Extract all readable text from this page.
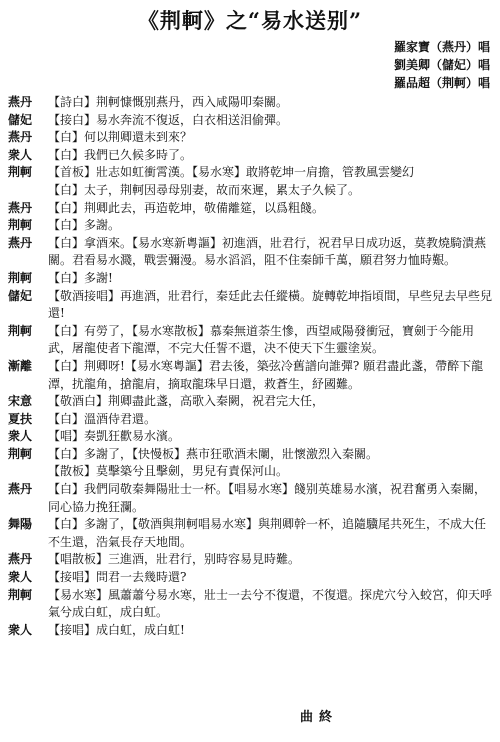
《荆軻》之“易水送别”
羅家寶（燕丹）唱
劉美卿（儲妃）唱
羅品超（荆軻）唱
燕丹	【詩白】荆軻慷慨别燕丹，西入咸陽叩秦關。
儲妃	【接白】易水奔流不復返，白衣相送泪偷彈。
燕丹	【白】何以荆卿還未到來？
衆人	【白】我們已久候多時了。
荆軻	【首板】壯志如虹衝霄漢。【易水寒】敢將乾坤一肩擔，管教風雲變幻
【白】太子，荆軻因尋母别妻，故而來遲，累太子久候了。
燕丹	【白】荆卿此去，再造乾坤，敬備離筵，以爲粗餞。
荆軻	【白】多謝。
燕丹	【白】拿酒來。【易水寒新粵謳】初進酒，壯君行，祝君早日成功返，莫教燒騎潰燕關。君看易水濺，戰雲彌漫。易水滔滔，阻不住秦師千萬，願君努力恤時艱。
荆軻	【白】多謝!
儲妃	【敬酒接唱】再進酒，壯君行，秦廷此去任縱橫。旋轉乾坤指頃間，早些兒去早些兒還!
荆軻	【白】有勞了，【易水寒散板】慕秦無道荼生慘，西望咸陽發衝冠，寶劍于今能用武，屠龍使者下龍潭，不完大任誓不還，决不使天下生靈塗炭。
漸離	【白】荆卿呀!【易水寒粵謳】君去後，築弦冷舊譜向誰彈? 願君盡此盞，帶醉下龍潭，扰龍角，搶龍肩，摘取龍珠早日還，救蒼生，紓國難。
宋意	【敬酒白】荆卿盡此盞，高歌入秦闕，祝君完大任，
夏扶	【白】溫酒侍君還。
衆人	【唱】奏凱狂歡易水濱。
荆軻	【白】多謝了，【快慢板】燕市狂歌酒未闌，壯懷激烈入秦關。
【散板】莫擊築兮且擊劍，男兒有責保河山。
燕丹	【白】我們同敬秦舞陽壯士一杯。【唱易水寒】餞别英雄易水濱，祝君奮勇入秦關，同心協力挽狂瀾。
舞陽	【白】多謝了，【敬酒與荆軻唱易水寒】與荆卿幹一杯，追隨驥尾共死生，不成大任不生還，浩氣長存天地間。
燕丹	【唱散板】三進酒，壯君行，别時容易見時難。
衆人	【接唱】問君一去幾時還?
荆軻	【易水寒】風蕭蕭兮易水寒，壯士一去兮不復還，不復還。探虎穴兮入蛟宮，仰天呼氣兮成白虹，成白虹。
衆人	【接唱】成白虹，成白虹!
曲終
